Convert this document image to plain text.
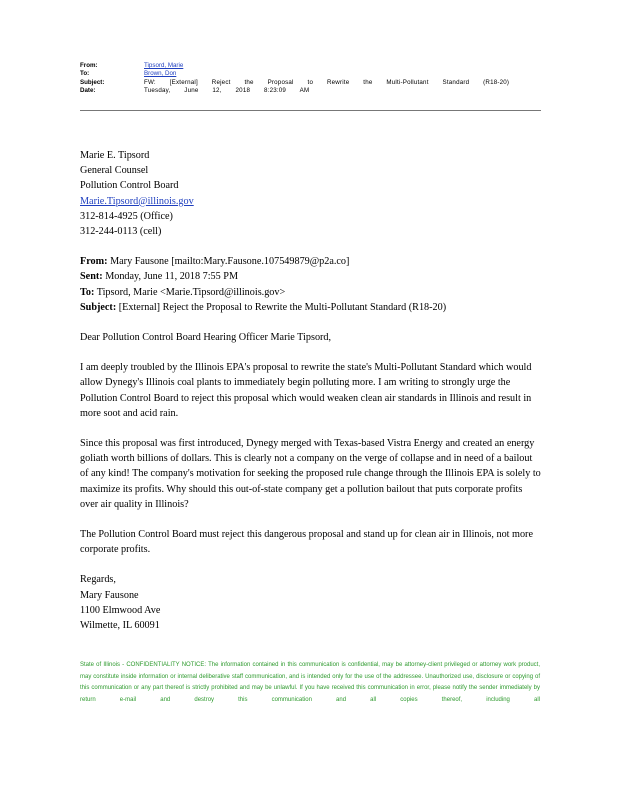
From:	Tipsord, Marie
To:	Brown, Don
Subject:	FW: [External] Reject the Proposal to Rewrite the Multi-Pollutant Standard (R18-20)
Date:	Tuesday, June 12, 2018 8:23:09 AM
Marie E. Tipsord
General Counsel
Pollution Control Board
Marie.Tipsord@illinois.gov
312-814-4925 (Office)
312-244-0113 (cell)
From: Mary Fausone [mailto:Mary.Fausone.107549879@p2a.co]
Sent: Monday, June 11, 2018 7:55 PM
To: Tipsord, Marie <Marie.Tipsord@illinois.gov>
Subject: [External] Reject the Proposal to Rewrite the Multi-Pollutant Standard (R18-20)
Dear Pollution Control Board Hearing Officer Marie Tipsord,
I am deeply troubled by the Illinois EPA's proposal to rewrite the state's Multi-Pollutant Standard which would allow Dynegy's Illinois coal plants to immediately begin polluting more. I am writing to strongly urge the Pollution Control Board to reject this proposal which would weaken clean air standards in Illinois and result in more soot and acid rain.
Since this proposal was first introduced, Dynegy merged with Texas-based Vistra Energy and created an energy goliath worth billions of dollars. This is clearly not a company on the verge of collapse and in need of a bailout of any kind! The company's motivation for seeking the proposed rule change through the Illinois EPA is solely to maximize its profits. Why should this out-of-state company get a pollution bailout that puts corporate profits over air quality in Illinois?
The Pollution Control Board must reject this dangerous proposal and stand up for clean air in Illinois, not more corporate profits.
Regards,
Mary Fausone
1100 Elmwood Ave
Wilmette, IL 60091
State of Illinois - CONFIDENTIALITY NOTICE: The information contained in this communication is confidential, may be attorney-client privileged or attorney work product, may constitute inside information or internal deliberative staff communication, and is intended only for the use of the addressee. Unauthorized use, disclosure or copying of this communication or any part thereof is strictly prohibited and may be unlawful. If you have received this communication in error, please notify the sender immediately by return e-mail and destroy this communication and all copies thereof, including all
